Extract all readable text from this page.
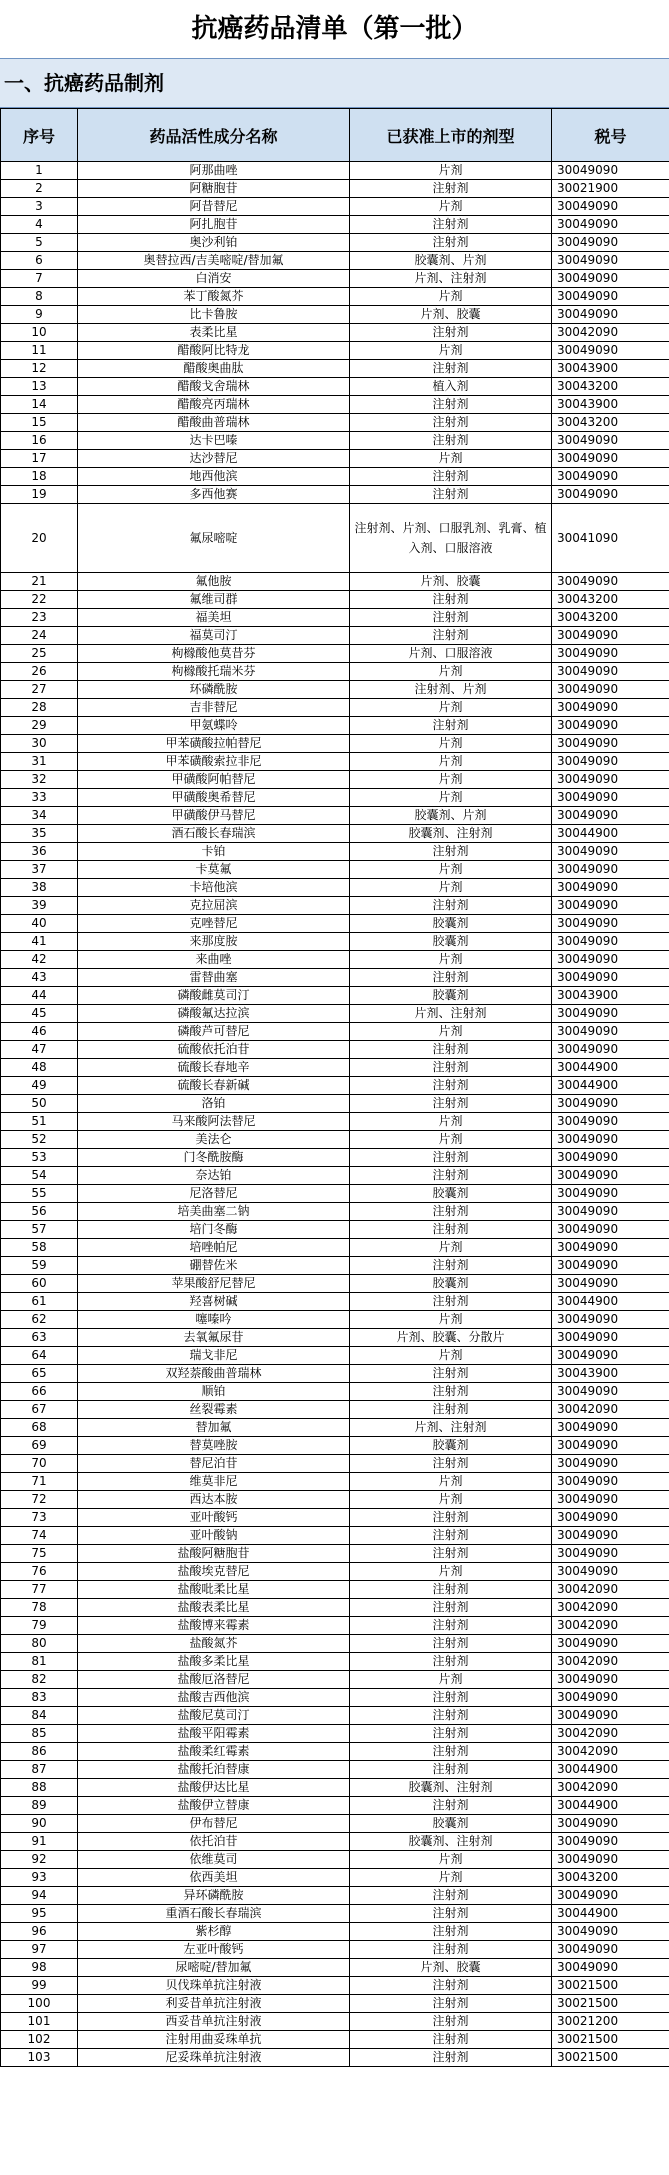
抗癌药品清单（第一批）
一、抗癌药品制剂
序号	药品活性成分名称	已获准上市的剂型	税号
1	阿那曲唑	片剂	30049090
2	阿糖胞苷	注射剂	30021900
3	阿昔替尼	片剂	30049090
4	阿扎胞苷	注射剂	30049090
5	奥沙利铂	注射剂	30049090
6	奥替拉西/吉美嘧啶/替加氟	胶囊剂、片剂	30049090
7	白消安	片剂、注射剂	30049090
8	苯丁酸氮芥	片剂	30049090
9	比卡鲁胺	片剂、胶囊	30049090
10	表柔比星	注射剂	30042090
11	醋酸阿比特龙	片剂	30049090
12	醋酸奥曲肽	注射剂	30043900
13	醋酸戈舍瑞林	植入剂	30043200
14	醋酸亮丙瑞林	注射剂	30043900
15	醋酸曲普瑞林	注射剂	30043200
16	达卡巴嗪	注射剂	30049090
17	达沙替尼	片剂	30049090
18	地西他滨	注射剂	30049090
19	多西他赛	注射剂	30049090
20	氟尿嘧啶	注射剂、片剂、口服乳剂、乳膏、植入剂、口服溶液	30041090
21	氟他胺	片剂、胶囊	30049090
22	氟维司群	注射剂	30043200
23	福美坦	注射剂	30043200
24	福莫司汀	注射剂	30049090
25	枸橼酸他莫昔芬	片剂、口服溶液	30049090
26	枸橼酸托瑞米芬	片剂	30049090
27	环磷酰胺	注射剂、片剂	30049090
28	吉非替尼	片剂	30049090
29	甲氨蝶呤	注射剂	30049090
30	甲苯磺酸拉帕替尼	片剂	30049090
31	甲苯磺酸索拉非尼	片剂	30049090
32	甲磺酸阿帕替尼	片剂	30049090
33	甲磺酸奥希替尼	片剂	30049090
34	甲磺酸伊马替尼	胶囊剂、片剂	30049090
35	酒石酸长春瑞滨	胶囊剂、注射剂	30044900
36	卡铂	注射剂	30049090
37	卡莫氟	片剂	30049090
38	卡培他滨	片剂	30049090
39	克拉屈滨	注射剂	30049090
40	克唑替尼	胶囊剂	30049090
41	来那度胺	胶囊剂	30049090
42	来曲唑	片剂	30049090
43	雷替曲塞	注射剂	30049090
44	磷酸雌莫司汀	胶囊剂	30043900
45	磷酸氟达拉滨	片剂、注射剂	30049090
46	磷酸芦可替尼	片剂	30049090
47	硫酸依托泊苷	注射剂	30049090
48	硫酸长春地辛	注射剂	30044900
49	硫酸长春新碱	注射剂	30044900
50	洛铂	注射剂	30049090
51	马来酸阿法替尼	片剂	30049090
52	美法仑	片剂	30049090
53	门冬酰胺酶	注射剂	30049090
54	奈达铂	注射剂	30049090
55	尼洛替尼	胶囊剂	30049090
56	培美曲塞二钠	注射剂	30049090
57	培门冬酶	注射剂	30049090
58	培唑帕尼	片剂	30049090
59	硼替佐米	注射剂	30049090
60	苹果酸舒尼替尼	胶囊剂	30049090
61	羟喜树碱	注射剂	30044900
62	噻嗪吟	片剂	30049090
63	去氧氟尿苷	片剂、胶囊、分散片	30049090
64	瑞戈非尼	片剂	30049090
65	双羟萘酸曲普瑞林	注射剂	30043900
66	顺铂	注射剂	30049090
67	丝裂霉素	注射剂	30042090
68	替加氟	片剂、注射剂	30049090
69	替莫唑胺	胶囊剂	30049090
70	替尼泊苷	注射剂	30049090
71	维莫非尼	片剂	30049090
72	西达本胺	片剂	30049090
73	亚叶酸钙	注射剂	30049090
74	亚叶酸钠	注射剂	30049090
75	盐酸阿糖胞苷	注射剂	30049090
76	盐酸埃克替尼	片剂	30049090
77	盐酸吡柔比星	注射剂	30042090
78	盐酸表柔比星	注射剂	30042090
79	盐酸博来霉素	注射剂	30042090
80	盐酸氮芥	注射剂	30049090
81	盐酸多柔比星	注射剂	30042090
82	盐酸厄洛替尼	片剂	30049090
83	盐酸吉西他滨	注射剂	30049090
84	盐酸尼莫司汀	注射剂	30049090
85	盐酸平阳霉素	注射剂	30042090
86	盐酸柔红霉素	注射剂	30042090
87	盐酸托泊替康	注射剂	30044900
88	盐酸伊达比星	胶囊剂、注射剂	30042090
89	盐酸伊立替康	注射剂	30044900
90	伊布替尼	胶囊剂	30049090
91	依托泊苷	胶囊剂、注射剂	30049090
92	依维莫司	片剂	30049090
93	依西美坦	片剂	30043200
94	异环磷酰胺	注射剂	30049090
95	重酒石酸长春瑞滨	注射剂	30044900
96	紫杉醇	注射剂	30049090
97	左亚叶酸钙	注射剂	30049090
98	尿嘧啶/替加氟	片剂、胶囊	30049090
99	贝伐珠单抗注射液	注射剂	30021500
100	利妥昔单抗注射液	注射剂	30021500
101	西妥昔单抗注射液	注射剂	30021200
102	注射用曲妥珠单抗	注射剂	30021500
103	尼妥珠单抗注射液	注射剂	30021500
